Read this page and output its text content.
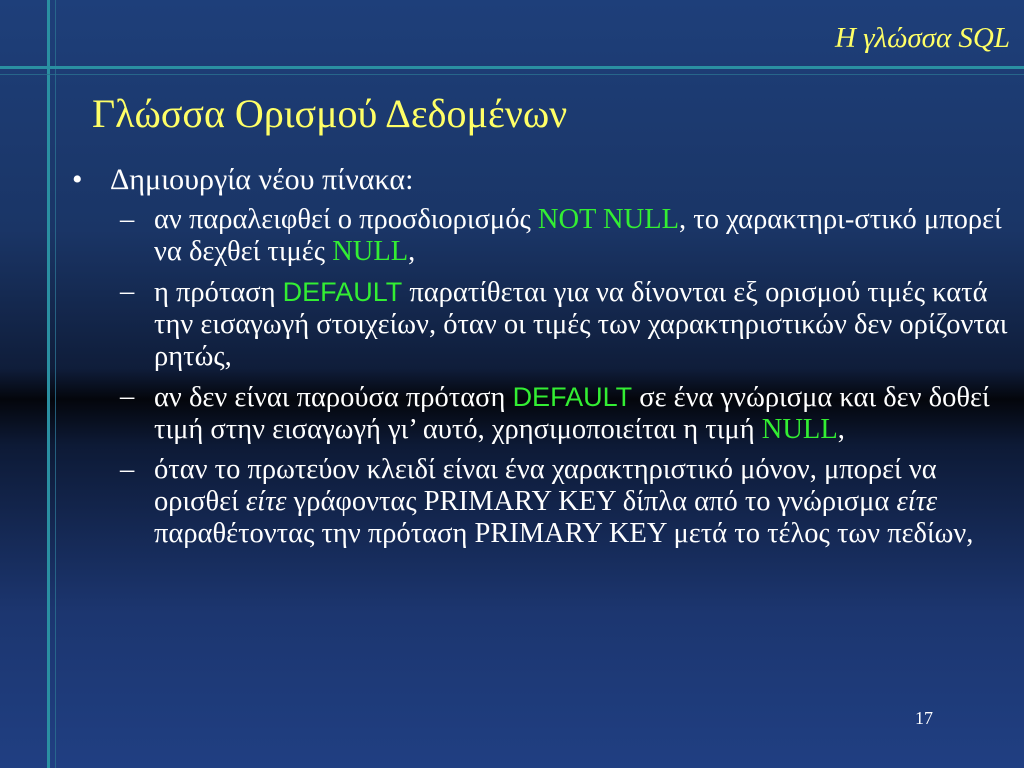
Η γλώσσα SQL
Γλώσσα Ορισμού Δεδομένων
• Δημιουργία νέου πίνακα:
– αν παραλειφθεί ο προσδιορισμός NOT NULL, το χαρακτηρι-στικό μπορεί να δεχθεί τιμές NULL,
– η πρόταση DEFAULT παρατίθεται για να δίνονται εξ ορισμού τιμές κατά την εισαγωγή στοιχείων, όταν οι τιμές των χαρακτηριστικών δεν ορίζονται ρητώς,
– αν δεν είναι παρούσα πρόταση DEFAULT σε ένα γνώρισμα και δεν δοθεί τιμή στην εισαγωγή γι’ αυτό, χρησιμοποιείται η τιμή NULL,
– όταν το πρωτεύον κλειδί είναι ένα χαρακτηριστικό μόνον, μπορεί να ορισθεί είτε γράφοντας PRIMARY KEY δίπλα από το γνώρισμα είτε παραθέτοντας την πρόταση PRIMARY KEY μετά το τέλος των πεδίων,
17
